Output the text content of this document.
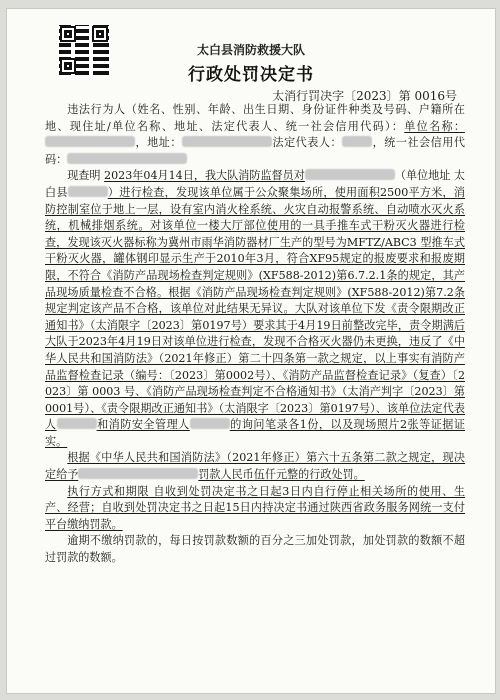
太白县消防救援大队
行政处罚决定书
太消行罚决字〔2023〕第 0016号

违法行为人（姓名、性别、年龄、出生日期、身份证件种类及号码、户籍所在地、现住址/单位名称、地址、法定代表人、统一社会信用代码）：单位名称：，地址：	法定代表人：	，统一社会信用代码：

现查明 2023年04月14日，我大队消防监督员对	（单位地址 太白县	）进行检查，发现该单位属于公众聚集场所，使用面积2500平方米，消防控制室位于地上一层，设有室内消火栓系统、火灾自动报警系统、自动喷水灭火系统，机械排烟系统。对该单位一楼大厅部位使用的一具手推车式干粉灭火器进行检查，发现该灭火器标称为冀州市雨华消防器材厂生产的型号为MFTZ/ABC3 型推车式干粉灭火器，罐体钢印显示生产于2010年3月，符合XF95规定的报废要求和报废期限，不符合《消防产品现场检查判定规则》(XF588-2012)第6.7.2.1条的规定，其产品现场质量检查不合格。根据《消防产品现场检查判定规则》(XF588-2012)第7.2条规定判定该产品不合格，该单位对此结果无异议。大队对该单位下发《责令限期改正通知书》（太消限字〔2023〕第0197号）要求其于4月19日前整改完毕，责令期满后大队于2023年4月19日对该单位进行检查，发现不合格灭火器仍未更换，违反了《中华人民共和国消防法》（2021年修正）第二十四条第一款之规定，以上事实有消防产品监督检查记录（编号：〔2023〕第0002号）、《消防产品监督检查记录》（复查）〔2023〕第 0003 号、《消防产品现场检查判定不合格通知书》（太消产判字〔2023〕第0001号）、《责令限期改正通知书》（太消限字〔2023〕第0197号）、该单位法定代表人	和消防安全管理人	的询问笔录各1份，以及现场照片2张等证据证实。

根据《中华人民共和国消防法》（2021年修正）第六十五条第二款之规定，现决定给予	罚款人民币伍仟元整的行政处罚。

执行方式和期限 自收到处罚决定书之日起3日内自行停止相关场所的使用、生产、经营；自收到处罚决定书之日起15日内持决定书通过陕西省政务服务网统一支付平台缴纳罚款。

逾期不缴纳罚款的，每日按罚款数额的百分之三加处罚款，加处罚款的数额不超过罚款的数额。
